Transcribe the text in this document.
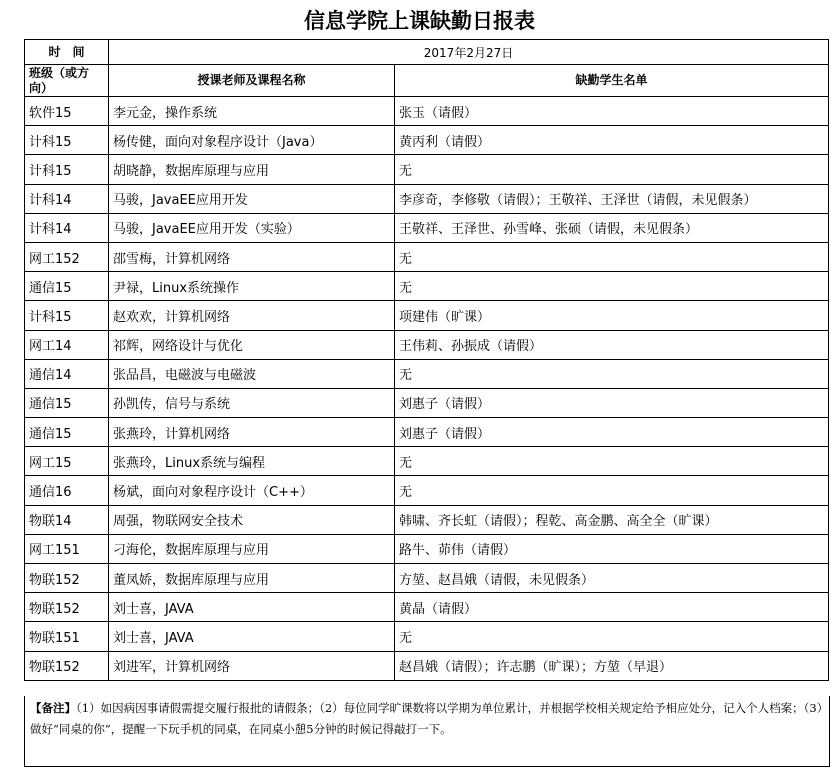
信息学院上课缺勤日报表
时　间	2017年2月27日	
班级（或方向）	授课老师及课程名称	缺勤学生名单
软件15	李元金，操作系统	张玉（请假）
计科15	杨传健，面向对象程序设计（Java）	黄丙利（请假）
计科15	胡晓静，数据库原理与应用	无
计科14	马骏，JavaEE应用开发	李彦奇，李修敬（请假）；王敬祥、王泽世（请假，未见假条）
计科14	马骏，JavaEE应用开发（实验）	王敬祥、王泽世、孙雪峰、张硕（请假，未见假条）
网工152	邵雪梅，计算机网络	无
通信15	尹禄，Linux系统操作	无
计科15	赵欢欢，计算机网络	项建伟（旷课）
网工14	祁辉，网络设计与优化	王伟莉、孙振成（请假）
通信14	张品昌，电磁波与电磁波	无
通信15	孙凯传，信号与系统	刘惠子（请假）
通信15	张燕玲，计算机网络	刘惠子（请假）
网工15	张燕玲，Linux系统与编程	无
通信16	杨斌，面向对象程序设计（C++）	无
物联14	周强，物联网安全技术	韩啸、齐长虹（请假）；程乾、高金鹏、高全全（旷课）
网工151	刁海伦，数据库原理与应用	路牛、茆伟（请假）
物联152	董凤娇，数据库原理与应用	方堃、赵昌娥（请假，未见假条）
物联152	刘士喜，JAVA	黄晶（请假）
物联151	刘士喜，JAVA	无
物联152	刘进军，计算机网络	赵昌娥（请假）；许志鹏（旷课）；方堃（早退）
【备注】（1）如因病因事请假需提交履行报批的请假条；（2）每位同学旷课数将以学期为单位累计，并根据学校相关规定给予相应处分，记入个人档案；（3）做好“同桌的你”，提醒一下玩手机的同桌，在同桌小憩5分钟的时候记得敲打一下。
